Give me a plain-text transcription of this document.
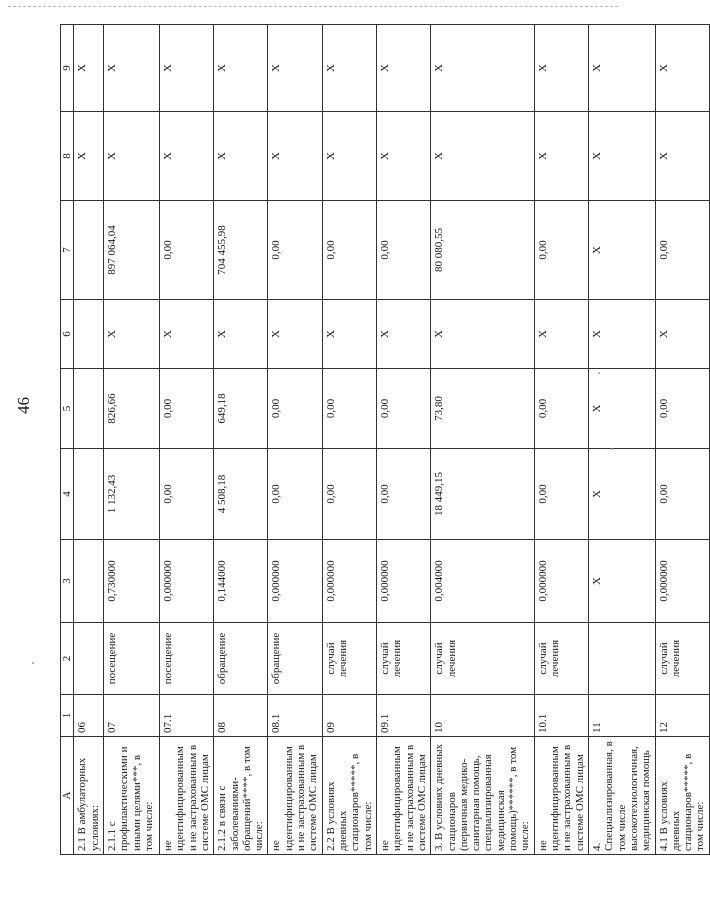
46
А	1	2	3	4	5	6	7	8	9
2.1 В амбулаторных условиях:	06							X	X
2.1.1 с профилактическими и иными целями***, в том числе:	07	посещение	0,730000	1 132,43	826,66	X	897 064,04	X	X
не идентифицированным и не застрахованным в системе ОМС лицам	07.1	посещение	0,000000	0,00	0,00	X	0,00	X	X
2.1.2 в связи с заболеваниями-обращений****, в том числе:	08	обращение	0,144000	4 508,18	649,18	X	704 455,98	X	X
не идентифицированным и не застрахованным в системе ОМС лицам	08.1	обращение	0,000000	0,00	0,00	X	0,00	X	X
2.2 В условиях дневных стационаров*****, в том числе:	09	случай лечения	0,000000	0,00	0,00	X	0,00	X	X
не идентифицированным и не застрахованным в системе ОМС лицам	09.1	случай лечения	0,000000	0,00	0,00	X	0,00	X	X
3. В условиях дневных стационаров (первичная медико-санитарная помощь, специализированная медицинская помощь)******, в том числе:	10	случай лечения	0,004000	18 449,15	73,80	X	80 080,55	X	X
не идентифицированным и не застрахованным в системе ОМС лицам	10.1	случай лечения	0,000000	0,00	0,00	X	0,00	X	X
4. Специализированная, в том числе высокотехнологичная, медицинская помощь	11		X	X	X	X	X	X	X
4.1 В условиях дневных стационаров*****, в том числе:	12	случай лечения	0,000000	0,00	0,00	X	0,00	X	X
